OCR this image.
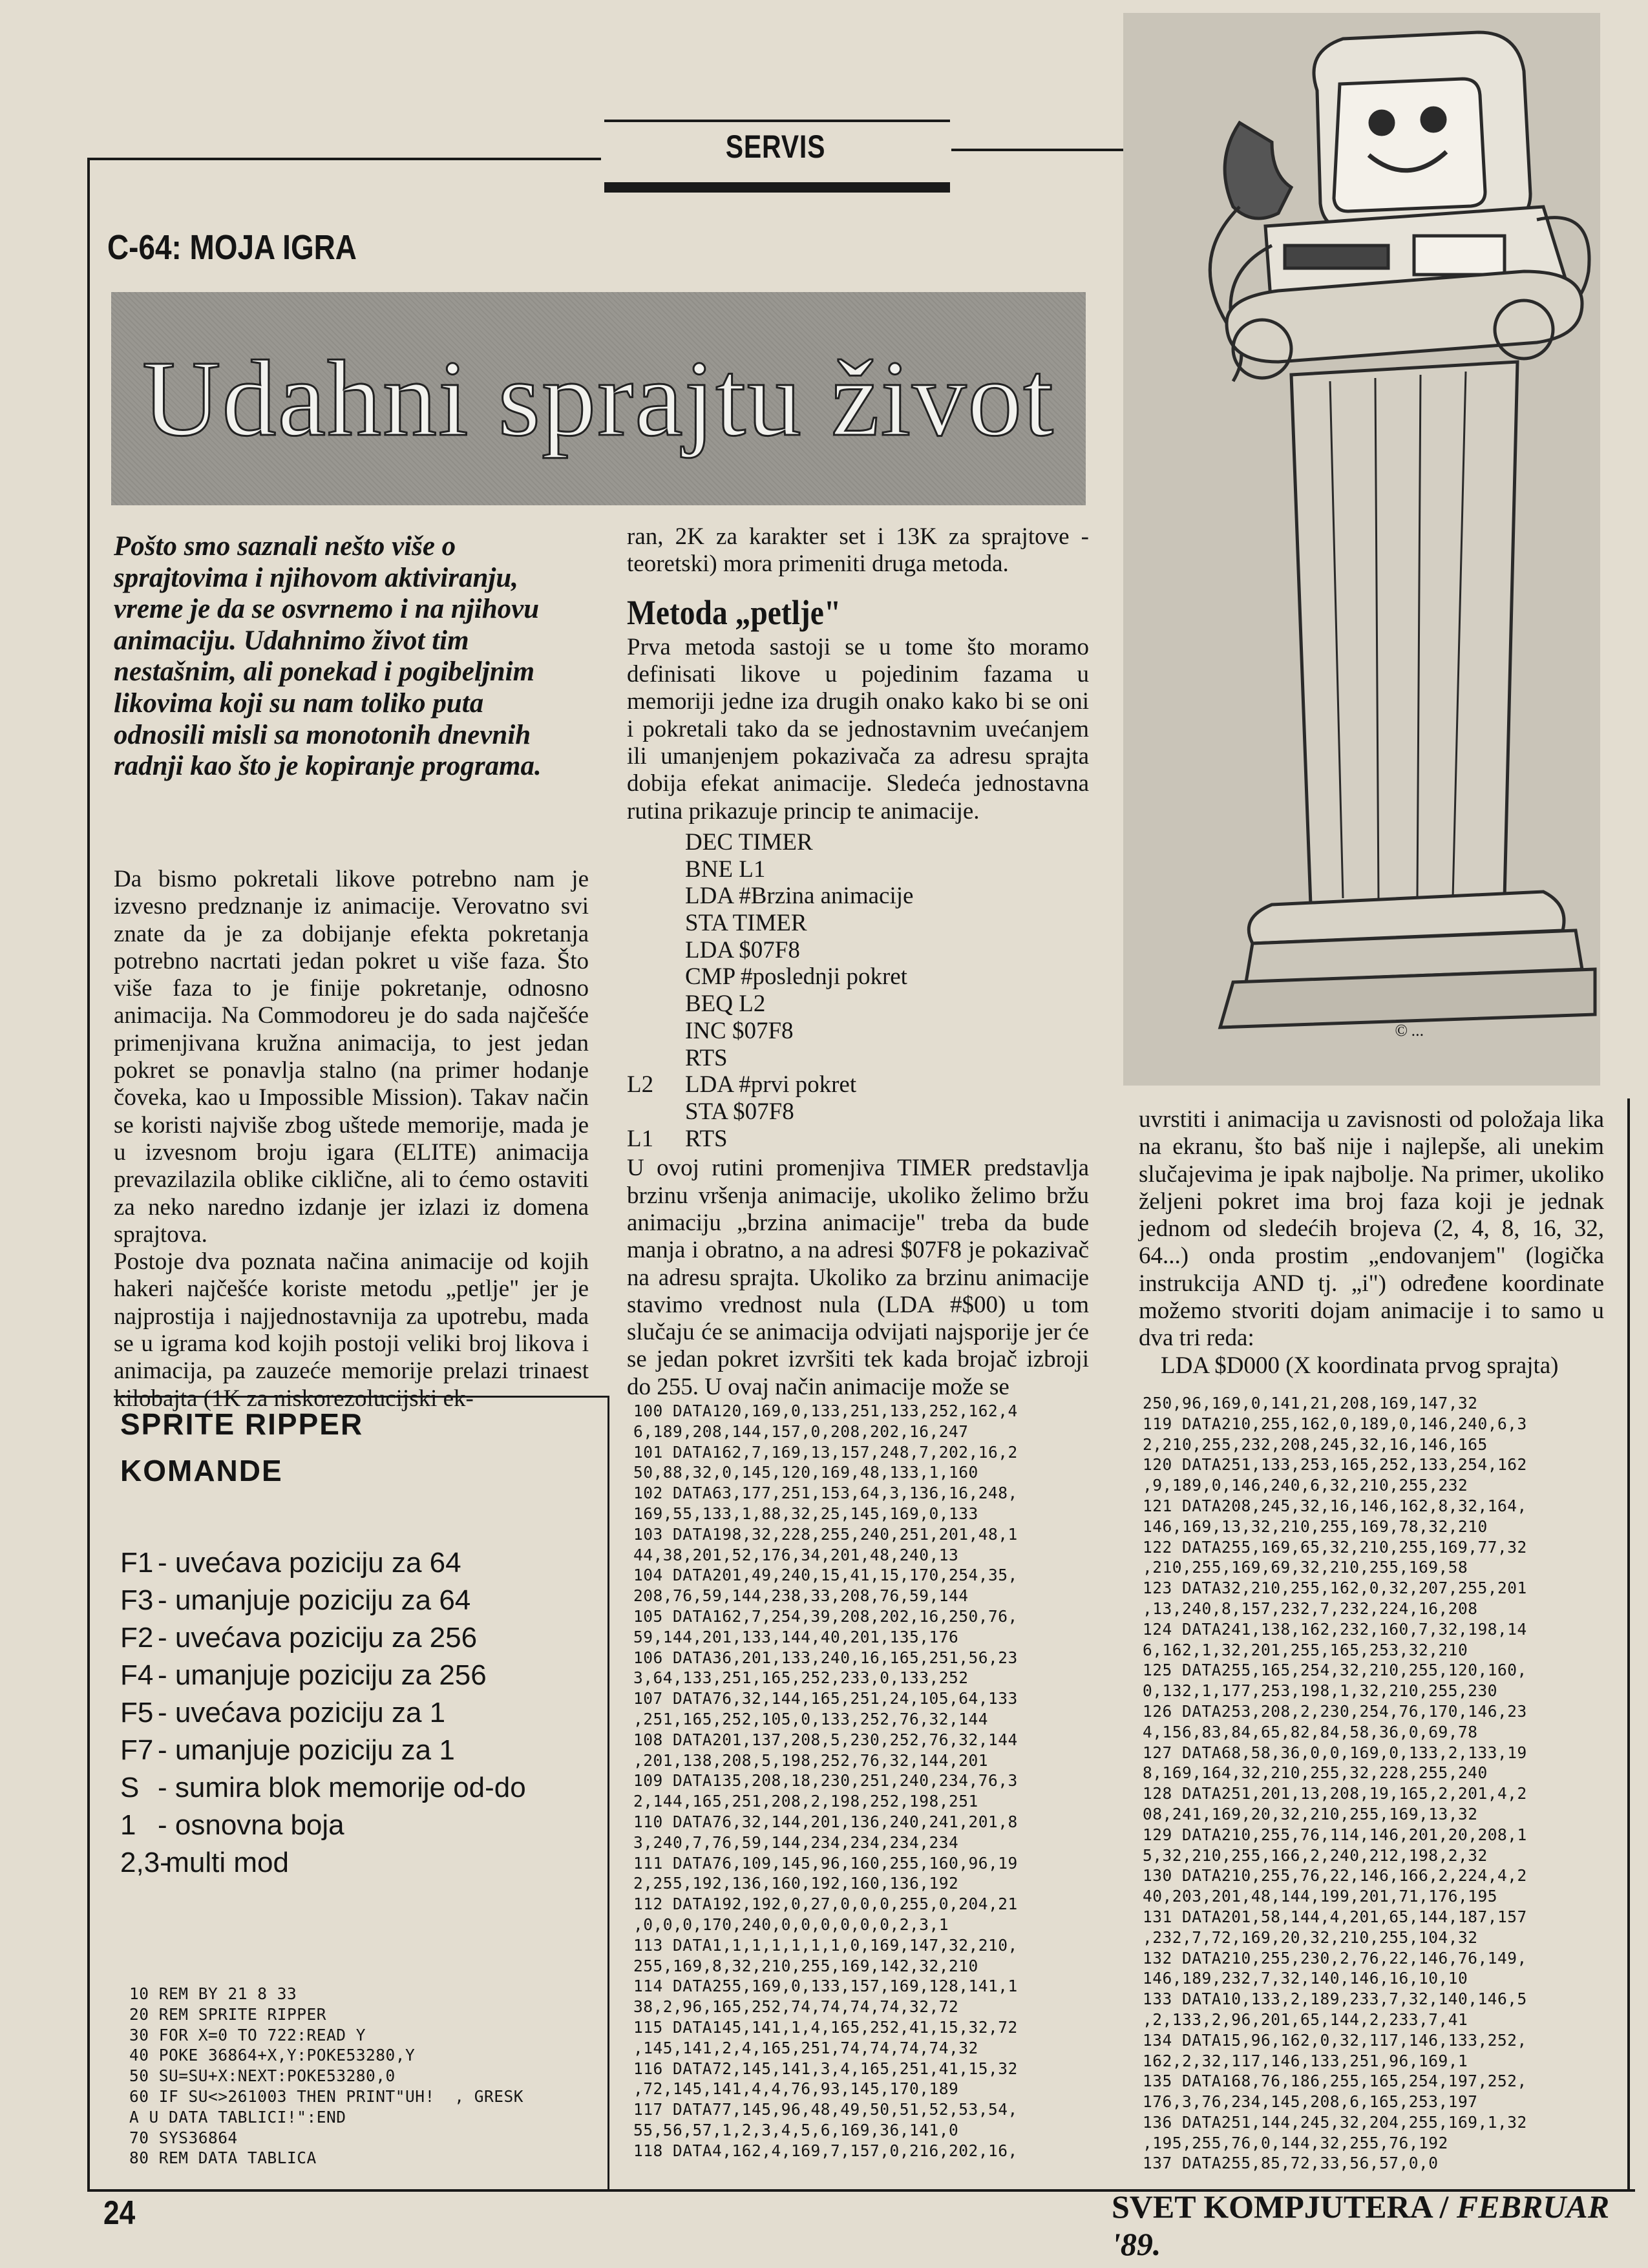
SERVIS
C-64: MOJA IGRA
Udahni sprajtu život
© ...
Pošto smo saznali nešto više o sprajtovima i njihovom aktiviranju, vreme je da se osvrnemo i na njihovu animaciju. Udahnimo život tim nestašnim, ali ponekad i pogibeljnim likovima koji su nam toliko puta odnosili misli sa monotonih dnevnih radnji kao što je kopiranje programa.

Da bismo pokretali likove potrebno nam je izvesno predznanje iz animacije. Verovatno svi znate da je za dobijanje efekta pokretanja potrebno nacrtati jedan pokret u više faza. Što više faza to je finije pokretanje, odnosno animacija. Na Commodoreu je do sada najčešće primenjivana kružna animacija, to jest jedan pokret se ponavlja stalno (na primer hodanje čoveka, kao u Impossible Mission). Takav način se koristi najviše zbog uštede memorije, mada je u izvesnom broju igara (ELITE) animacija prevazilazila oblike ciklične, ali to ćemo ostaviti za neko naredno izdanje jer izlazi iz domena sprajtova.

Postoje dva poznata načina animacije od kojih hakeri najčešće koriste metodu „petlje" jer je najprostija i najjednostavnija za upotrebu, mada se u igrama kod kojih postoji veliki broj likova i animacija, pa zauzeće memorije prelazi trinaest kilobajta (1K za niskorezolucijski ek-

ran, 2K za karakter set i 13K za sprajtove - teoretski) mora primeniti druga metoda.

Metoda „petlje"

Prva metoda sastoji se u tome što moramo definisati likove u pojedinim fazama u memoriji jedne iza drugih onako kako bi se oni i pokretali tako da se jednostavnim uvećanjem ili umanjenjem pokazivača za adresu sprajta dobija efekat animacije. Sledeća jednostavna rutina prikazuje princip te animacije.

DEC TIMER
BNE L1
LDA #Brzina animacije
STA TIMER
LDA $07F8
CMP #poslednji pokret
BEQ L2
INC $07F8
RTS
L2	LDA #prvi pokret
STA $07F8
L1	RTS

U ovoj rutini promenjiva TIMER predstavlja brzinu vršenja animacije, ukoliko želimo bržu animaciju „brzina animacije" treba da bude manja i obratno, a na adresi $07F8 je pokazivač na adresu sprajta. Ukoliko za brzinu animacije stavimo vrednost nula (LDA #$00) u tom slučaju će se animacija odvijati najsporije jer će se jedan pokret izvršiti tek kada brojač izbroji do 255. U ovaj način animacije može se

uvrstiti i animacija u zavisnosti od položaja lika na ekranu, što baš nije i najlepše, ali unekim slučajevima je ipak najbolje. Na primer, ukoliko željeni pokret ima broj faza koji je jednak jednom od sledećih brojeva (2, 4, 8, 16, 32, 64...) onda prostim „endovanjem" (logička instrukcija AND tj. „i") određene koordinate možemo stvoriti dojam animacije i to samo u dva tri reda:

LDA $D000 (X koordinata prvog sprajta)
100 DATA120,169,0,133,251,133,252,162,4
6,189,208,144,157,0,208,202,16,247
101 DATA162,7,169,13,157,248,7,202,16,2
50,88,32,0,145,120,169,48,133,1,160
102 DATA63,177,251,153,64,3,136,16,248,
169,55,133,1,88,32,25,145,169,0,133
103 DATA198,32,228,255,240,251,201,48,1
44,38,201,52,176,34,201,48,240,13
104 DATA201,49,240,15,41,15,170,254,35,
208,76,59,144,238,33,208,76,59,144
105 DATA162,7,254,39,208,202,16,250,76,
59,144,201,133,144,40,201,135,176
106 DATA36,201,133,240,16,165,251,56,23
3,64,133,251,165,252,233,0,133,252
107 DATA76,32,144,165,251,24,105,64,133
,251,165,252,105,0,133,252,76,32,144
108 DATA201,137,208,5,230,252,76,32,144
,201,138,208,5,198,252,76,32,144,201
109 DATA135,208,18,230,251,240,234,76,3
2,144,165,251,208,2,198,252,198,251
110 DATA76,32,144,201,136,240,241,201,8
3,240,7,76,59,144,234,234,234,234
111 DATA76,109,145,96,160,255,160,96,19
2,255,192,136,160,192,160,136,192
112 DATA192,192,0,27,0,0,0,255,0,204,21
,0,0,0,170,240,0,0,0,0,0,0,2,3,1
113 DATA1,1,1,1,1,1,1,0,169,147,32,210,
255,169,8,32,210,255,169,142,32,210
114 DATA255,169,0,133,157,169,128,141,1
38,2,96,165,252,74,74,74,74,32,72
115 DATA145,141,1,4,165,252,41,15,32,72
,145,141,2,4,165,251,74,74,74,74,32
116 DATA72,145,141,3,4,165,251,41,15,32
,72,145,141,4,4,76,93,145,170,189
117 DATA77,145,96,48,49,50,51,52,53,54,
55,56,57,1,2,3,4,5,6,169,36,141,0
118 DATA4,162,4,169,7,157,0,216,202,16,
250,96,169,0,141,21,208,169,147,32
119 DATA210,255,162,0,189,0,146,240,6,3
2,210,255,232,208,245,32,16,146,165
120 DATA251,133,253,165,252,133,254,162
,9,189,0,146,240,6,32,210,255,232
121 DATA208,245,32,16,146,162,8,32,164,
146,169,13,32,210,255,169,78,32,210
122 DATA255,169,65,32,210,255,169,77,32
,210,255,169,69,32,210,255,169,58
123 DATA32,210,255,162,0,32,207,255,201
,13,240,8,157,232,7,232,224,16,208
124 DATA241,138,162,232,160,7,32,198,14
6,162,1,32,201,255,165,253,32,210
125 DATA255,165,254,32,210,255,120,160,
0,132,1,177,253,198,1,32,210,255,230
126 DATA253,208,2,230,254,76,170,146,23
4,156,83,84,65,82,84,58,36,0,69,78
127 DATA68,58,36,0,0,169,0,133,2,133,19
8,169,164,32,210,255,32,228,255,240
128 DATA251,201,13,208,19,165,2,201,4,2
08,241,169,20,32,210,255,169,13,32
129 DATA210,255,76,114,146,201,20,208,1
5,32,210,255,166,2,240,212,198,2,32
130 DATA210,255,76,22,146,166,2,224,4,2
40,203,201,48,144,199,201,71,176,195
131 DATA201,58,144,4,201,65,144,187,157
,232,7,72,169,20,32,210,255,104,32
132 DATA210,255,230,2,76,22,146,76,149,
146,189,232,7,32,140,146,16,10,10
133 DATA10,133,2,189,233,7,32,140,146,5
,2,133,2,96,201,65,144,2,233,7,41
134 DATA15,96,162,0,32,117,146,133,252,
162,2,32,117,146,133,251,96,169,1
135 DATA168,76,186,255,165,254,197,252,
176,3,76,234,145,208,6,165,253,197
136 DATA251,144,245,32,204,255,169,1,32
,195,255,76,0,144,32,255,76,192
137 DATA255,85,72,33,56,57,0,0
SPRITE RIPPER
KOMANDE
F1 - uvećava poziciju za 64
F3 - umanjuje poziciju za 64
F2 - uvećava poziciju za 256
F4 - umanjuje poziciju za 256
F5 - uvećava poziciju za 1
F7 - umanjuje poziciju za 1
S - sumira blok memorije od-do
1 - osnovna boja
2,3-
multi mod
10 REM BY 21 8 33
20 REM SPRITE RIPPER
30 FOR X=0 TO 722:READ Y
40 POKE 36864+X,Y:POKE53280,Y
50 SU=SU+X:NEXT:POKE53280,0
60 IF SU<>261003 THEN PRINT"UH!  , GRESK
A U DATA TABLICI!":END
70 SYS36864
80 REM DATA TABLICA
24	SVET KOMPJUTERA / FEBRUAR '89.
